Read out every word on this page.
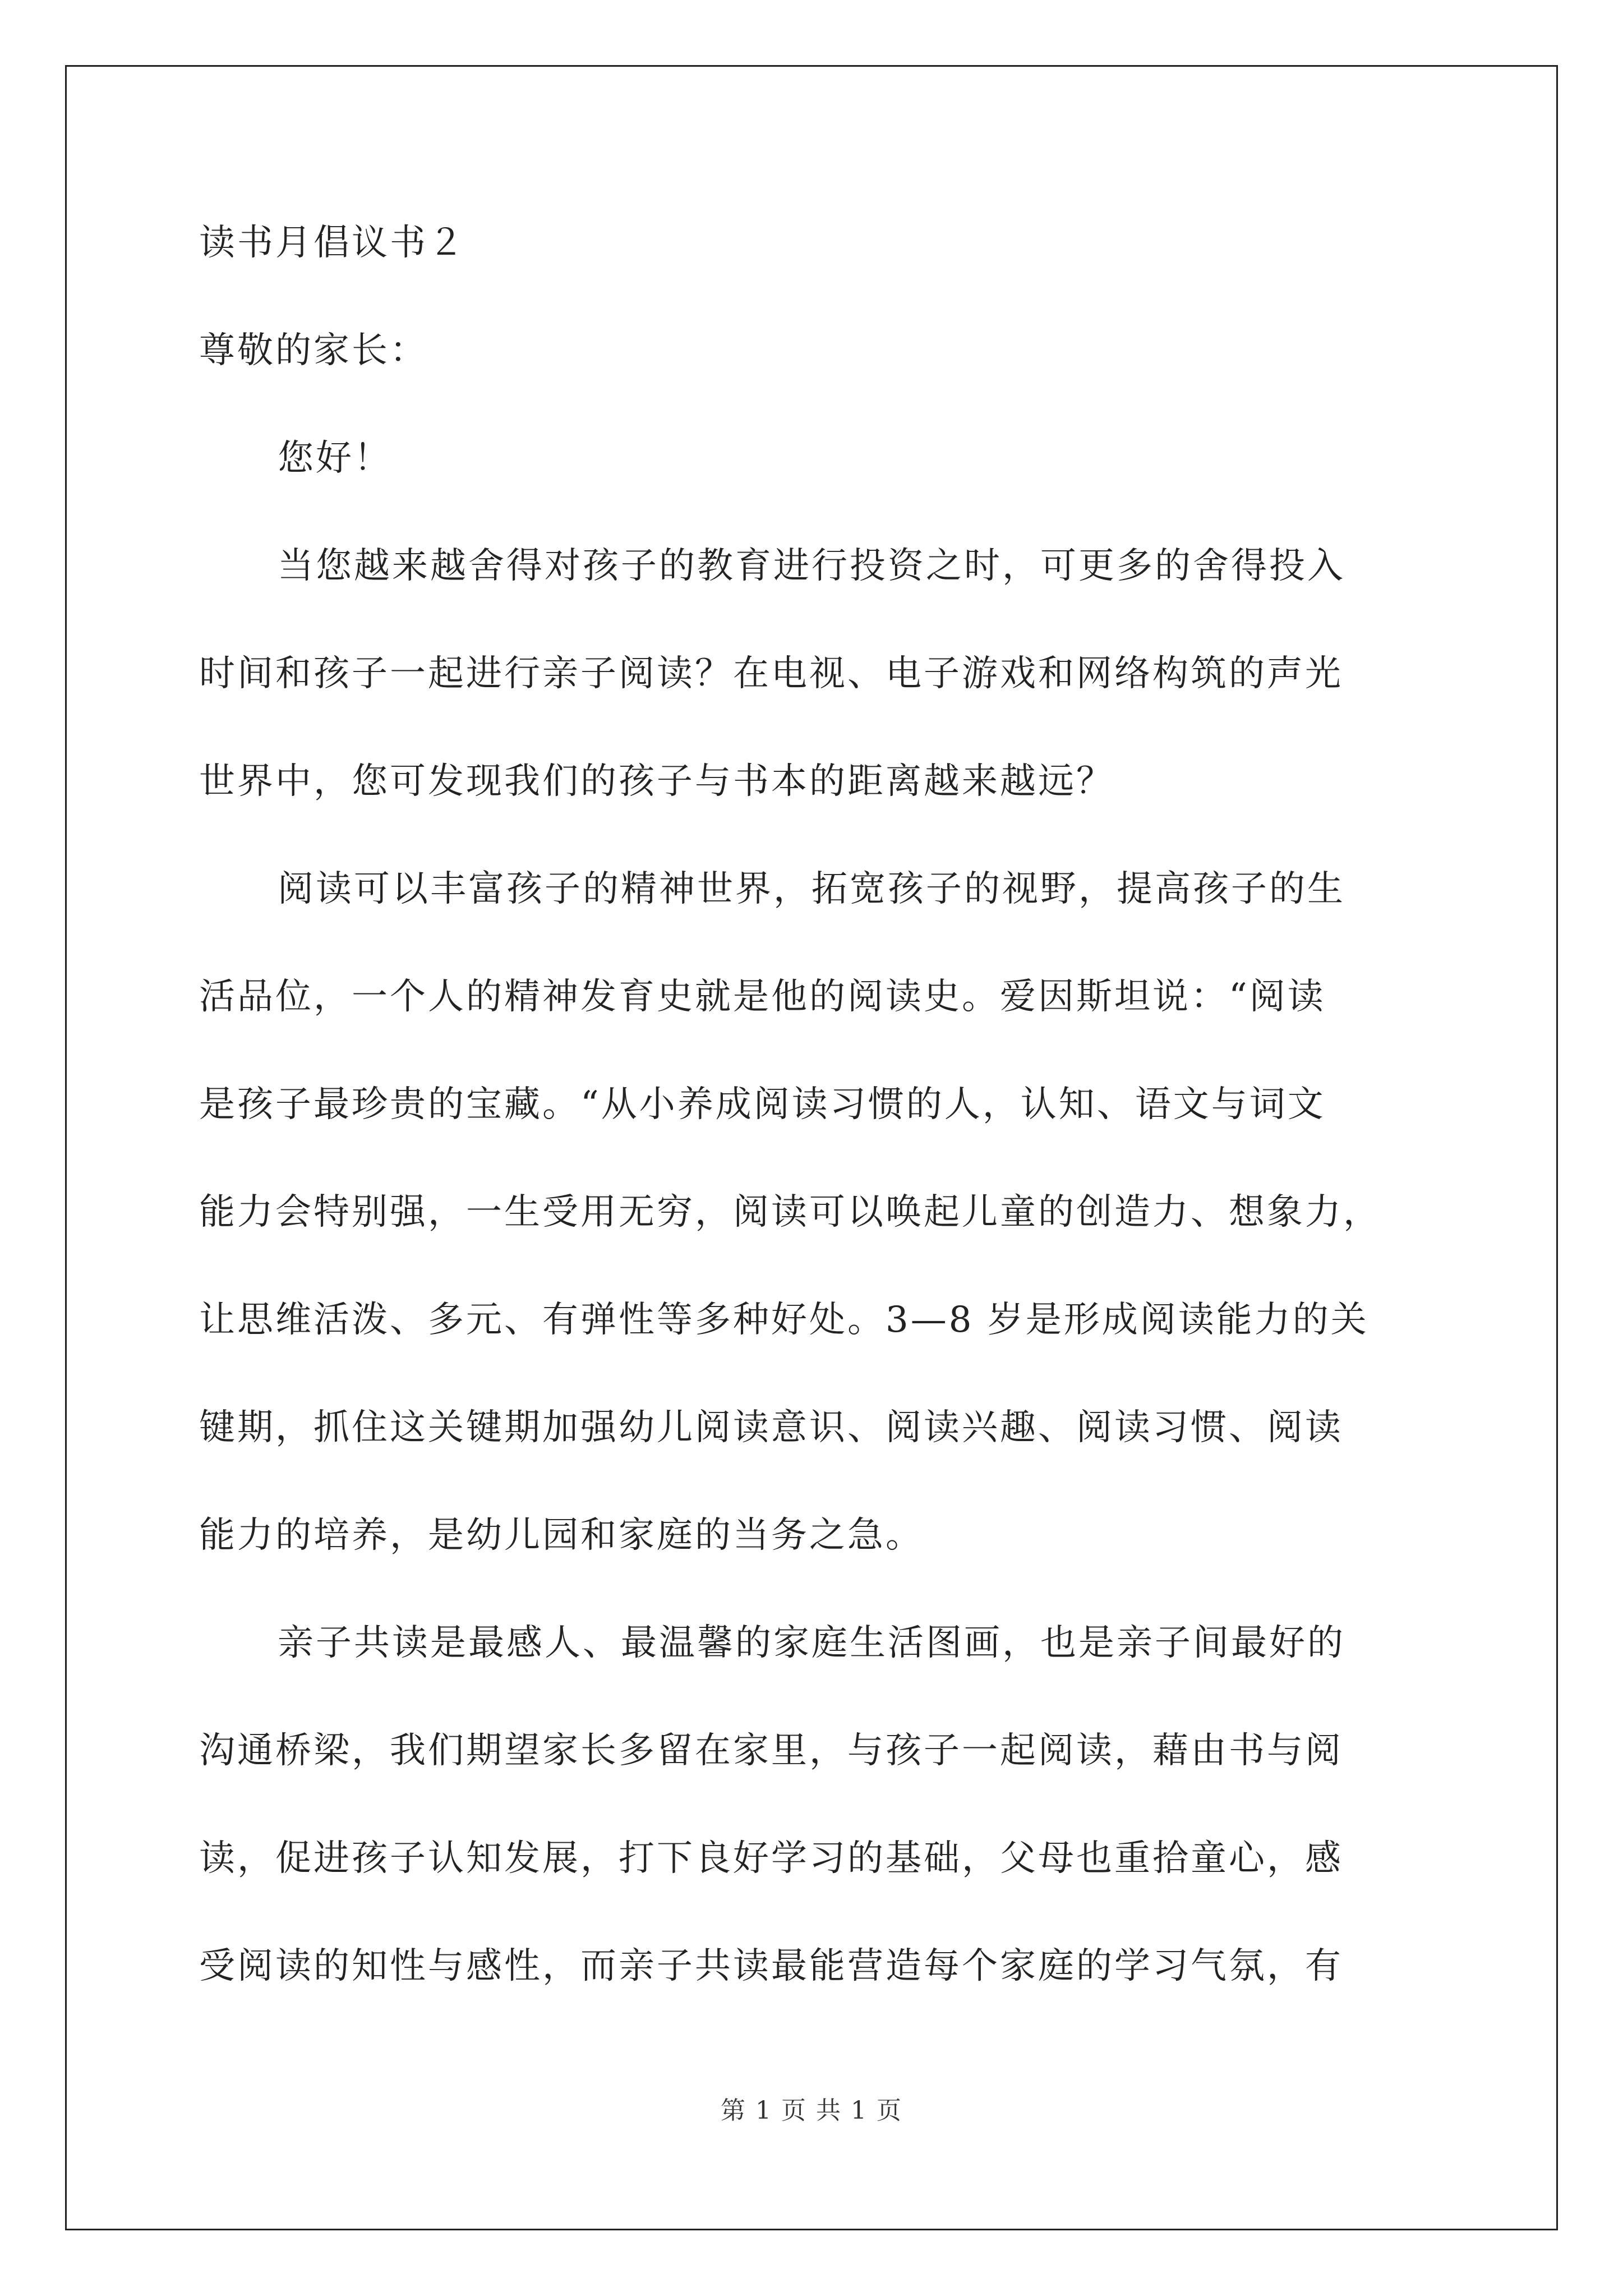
读书月倡议书２
尊敬的家长：
您好！
当您越来越舍得对孩子的教育进行投资之时，可更多的舍得投入
时间和孩子一起进行亲子阅读？在电视、电子游戏和网络构筑的声光
世界中，您可发现我们的孩子与书本的距离越来越远？
阅读可以丰富孩子的精神世界，拓宽孩子的视野，提高孩子的生
活品位，一个人的精神发育史就是他的阅读史。爱因斯坦说：“阅读
是孩子最珍贵的宝藏。“从小养成阅读习惯的人，认知、语文与词文
能力会特别强，一生受用无穷，阅读可以唤起儿童的创造力、想象力，
让思维活泼、多元、有弹性等多种好处。3—8 岁是形成阅读能力的关
键期，抓住这关键期加强幼儿阅读意识、阅读兴趣、阅读习惯、阅读
能力的培养，是幼儿园和家庭的当务之急。
亲子共读是最感人、最温馨的家庭生活图画，也是亲子间最好的
沟通桥梁，我们期望家长多留在家里，与孩子一起阅读，藉由书与阅
读，促进孩子认知发展，打下良好学习的基础，父母也重拾童心，感
受阅读的知性与感性，而亲子共读最能营造每个家庭的学习气氛，有
第 1 页 共 1 页
